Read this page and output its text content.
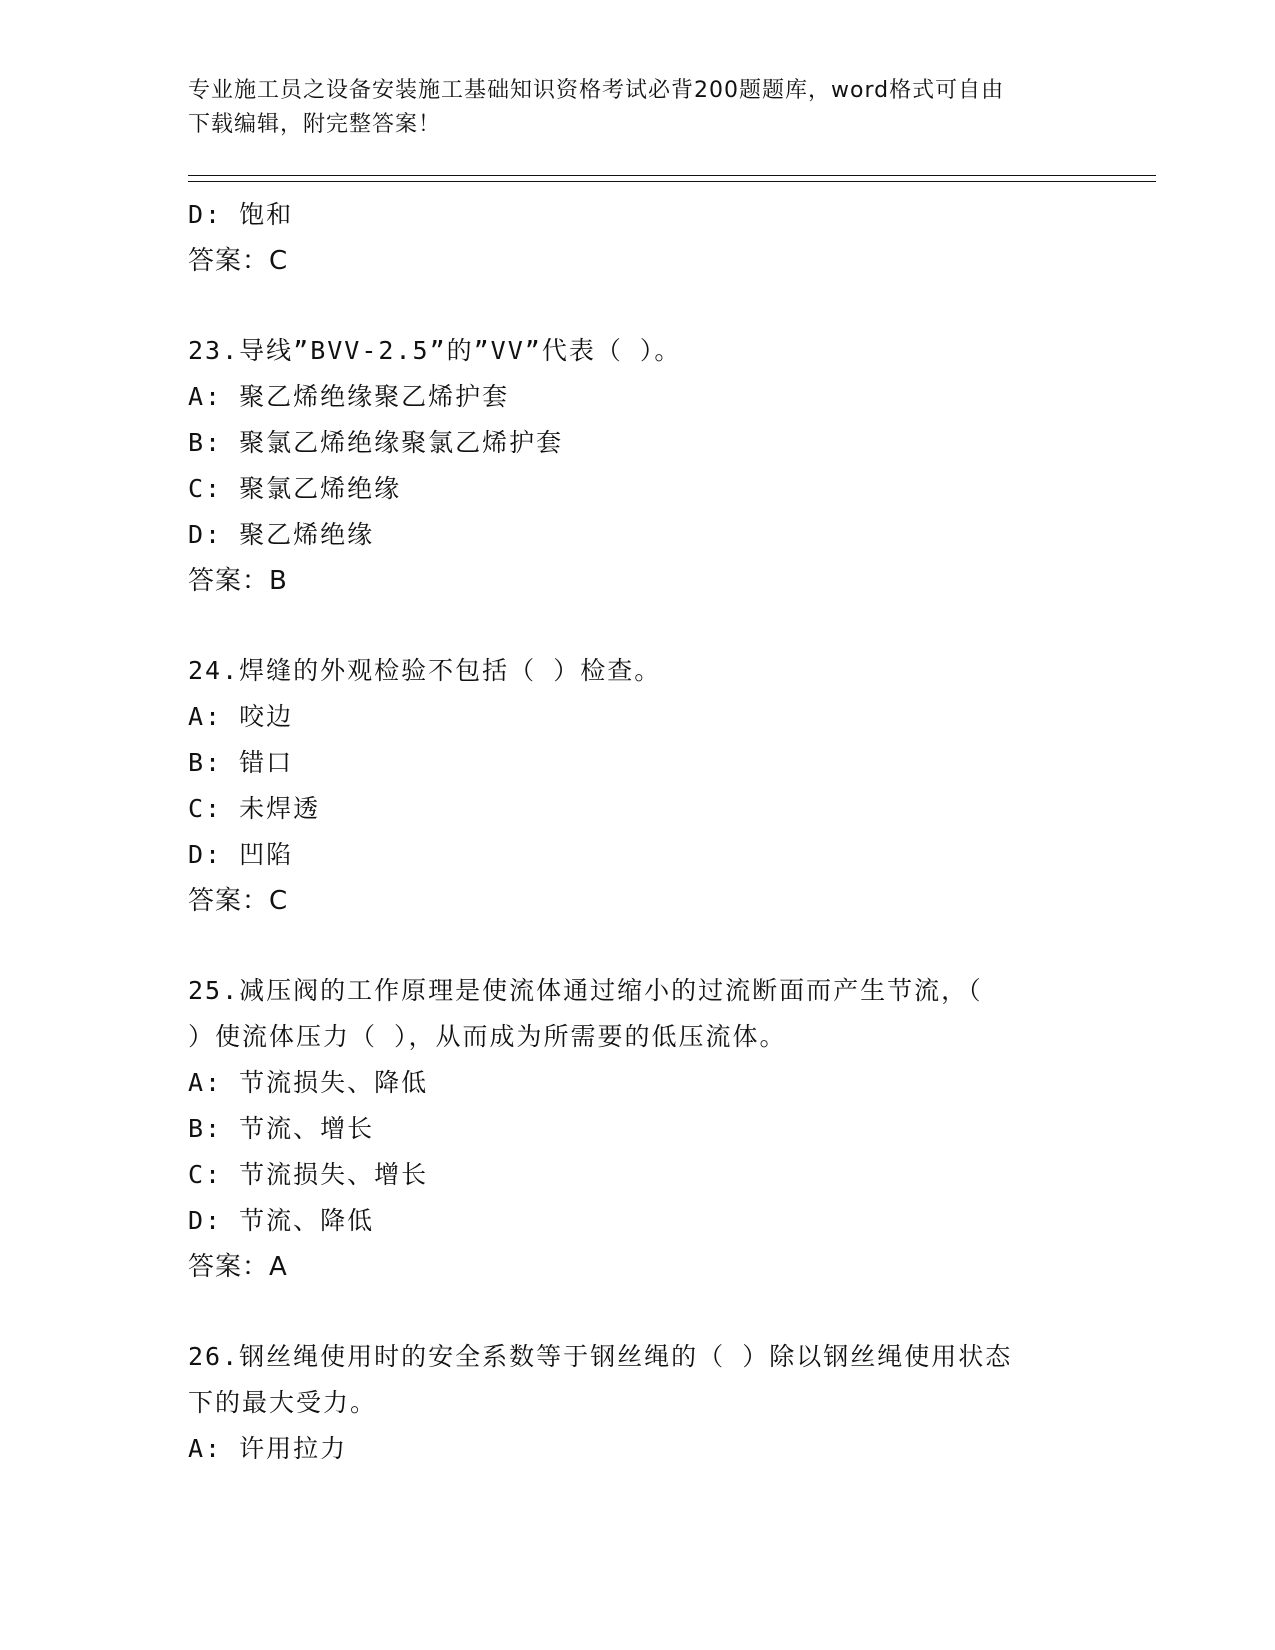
专业施工员之设备安装施工基础知识资格考试必背200题题库，word格式可自由
下载编辑，附完整答案！
D: 饱和
答案：C
23.导线”BVV-2.5”的”VV”代表（ ）。
A: 聚乙烯绝缘聚乙烯护套
B: 聚氯乙烯绝缘聚氯乙烯护套
C: 聚氯乙烯绝缘
D: 聚乙烯绝缘
答案：B
24.焊缝的外观检验不包括（ ）检查。
A: 咬边
B: 错口
C: 未焊透
D: 凹陷
答案：C
25.减压阀的工作原理是使流体通过缩小的过流断面而产生节流，（
）使流体压力（ ），从而成为所需要的低压流体。
A: 节流损失、降低
B: 节流、增长
C: 节流损失、增长
D: 节流、降低
答案：A
26.钢丝绳使用时的安全系数等于钢丝绳的（ ）除以钢丝绳使用状态
下的最大受力。
A: 许用拉力
